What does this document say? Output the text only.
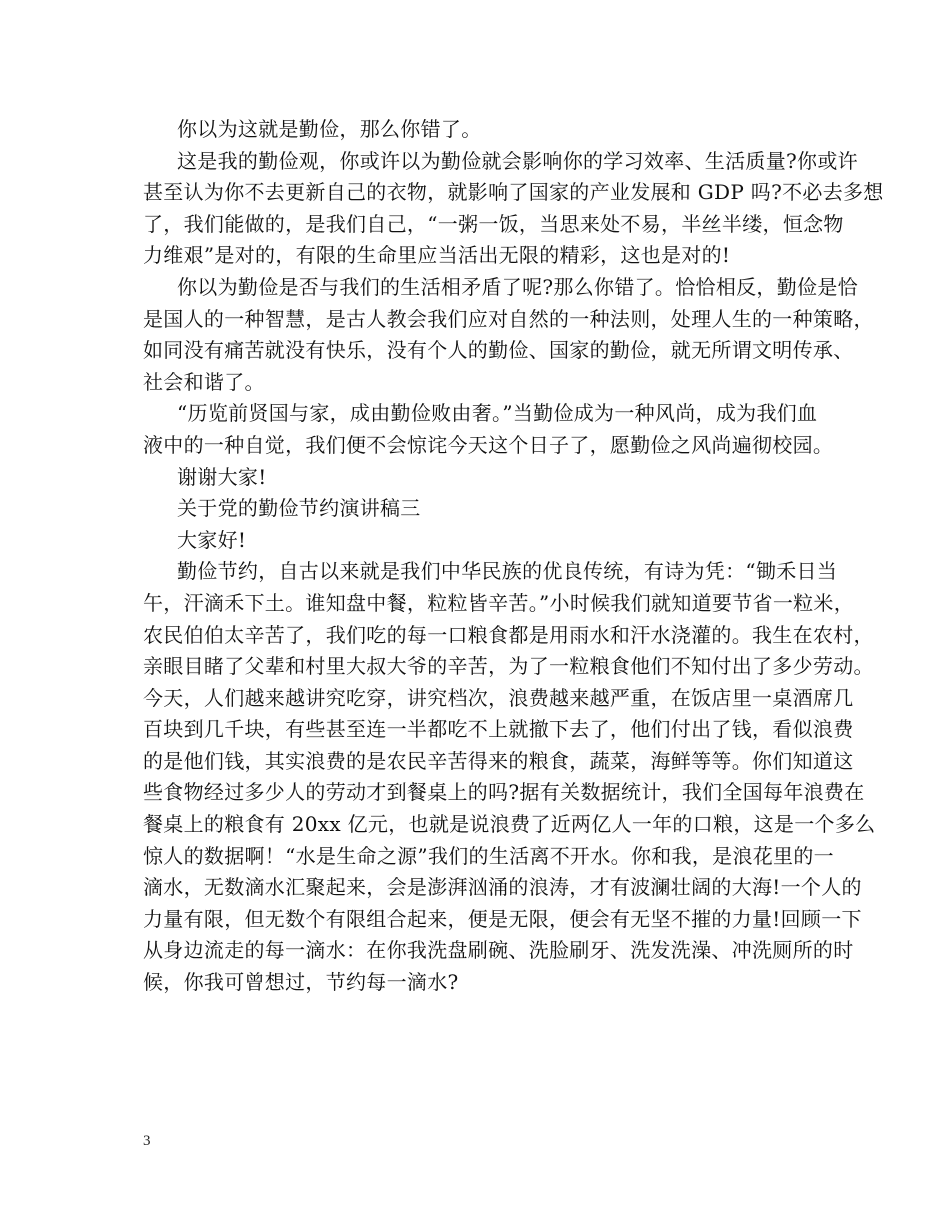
你以为这就是勤俭，那么你错了。
这是我的勤俭观，你或许以为勤俭就会影响你的学习效率、生活质量?你或许
甚至认为你不去更新自己的衣物，就影响了国家的产业发展和 GDP 吗?不必去多想
了，我们能做的，是我们自己，“一粥一饭，当思来处不易，半丝半缕，恒念物
力维艰”是对的，有限的生命里应当活出无限的精彩，这也是对的!
你以为勤俭是否与我们的生活相矛盾了呢?那么你错了。恰恰相反，勤俭是恰
是国人的一种智慧，是古人教会我们应对自然的一种法则，处理人生的一种策略，
如同没有痛苦就没有快乐，没有个人的勤俭、国家的勤俭，就无所谓文明传承、
社会和谐了。
“历览前贤国与家，成由勤俭败由奢。”当勤俭成为一种风尚，成为我们血
液中的一种自觉，我们便不会惊诧今天这个日子了，愿勤俭之风尚遍彻校园。
谢谢大家!
关于党的勤俭节约演讲稿三
大家好!
勤俭节约，自古以来就是我们中华民族的优良传统，有诗为凭：“锄禾日当
午，汗滴禾下土。谁知盘中餐，粒粒皆辛苦。”小时候我们就知道要节省一粒米，
农民伯伯太辛苦了，我们吃的每一口粮食都是用雨水和汗水浇灌的。我生在农村，
亲眼目睹了父辈和村里大叔大爷的辛苦，为了一粒粮食他们不知付出了多少劳动。
今天，人们越来越讲究吃穿，讲究档次，浪费越来越严重，在饭店里一桌酒席几
百块到几千块，有些甚至连一半都吃不上就撤下去了，他们付出了钱，看似浪费
的是他们钱，其实浪费的是农民辛苦得来的粮食，蔬菜，海鲜等等。你们知道这
些食物经过多少人的劳动才到餐桌上的吗?据有关数据统计，我们全国每年浪费在
餐桌上的粮食有 20xx 亿元，也就是说浪费了近两亿人一年的口粮，这是一个多么
惊人的数据啊！“水是生命之源”我们的生活离不开水。你和我，是浪花里的一
滴水，无数滴水汇聚起来，会是澎湃汹涌的浪涛，才有波澜壮阔的大海!一个人的
力量有限，但无数个有限组合起来，便是无限，便会有无坚不摧的力量!回顾一下
从身边流走的每一滴水：在你我洗盘刷碗、洗脸刷牙、洗发洗澡、冲洗厕所的时
候，你我可曾想过，节约每一滴水?
3
